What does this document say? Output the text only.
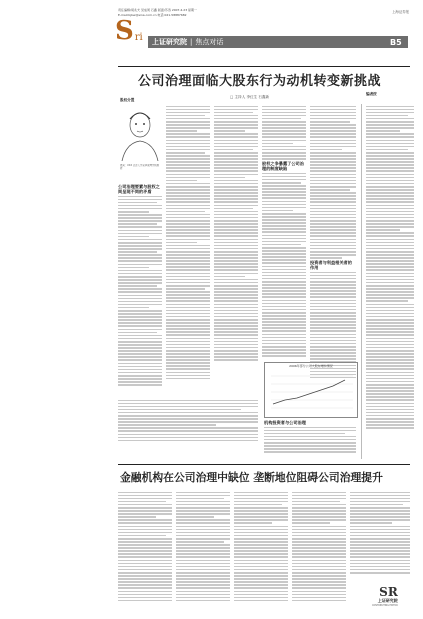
责任编辑/胡兆夫 吴成周 石鑫 版面/苏涛 2007.4.23 星期一
E-mail:bjbw@sina.com.cn 电话:021-58887682
上海证券报
S ri 上证研究院 | 焦点对话	B5
公司治理面临大股东行为动机转变新挑战
□ 主持人 李红生 石鑫新
股权分置
嘉宾：XXX 北京大学光华管理学院教授
公司治理要素与股权之间呈现不同的矛盾
股权之争暴露了公司治理的制度缺陷
投资者与利益相关者的作用
2006年部分公司大股东增持情况
机构投资者与公司治理
编者按
金融机构在公司治理中缺位 垄断地位阻碍公司治理提升
SR
上证研究院
CONTRIBUTING EDITOR
